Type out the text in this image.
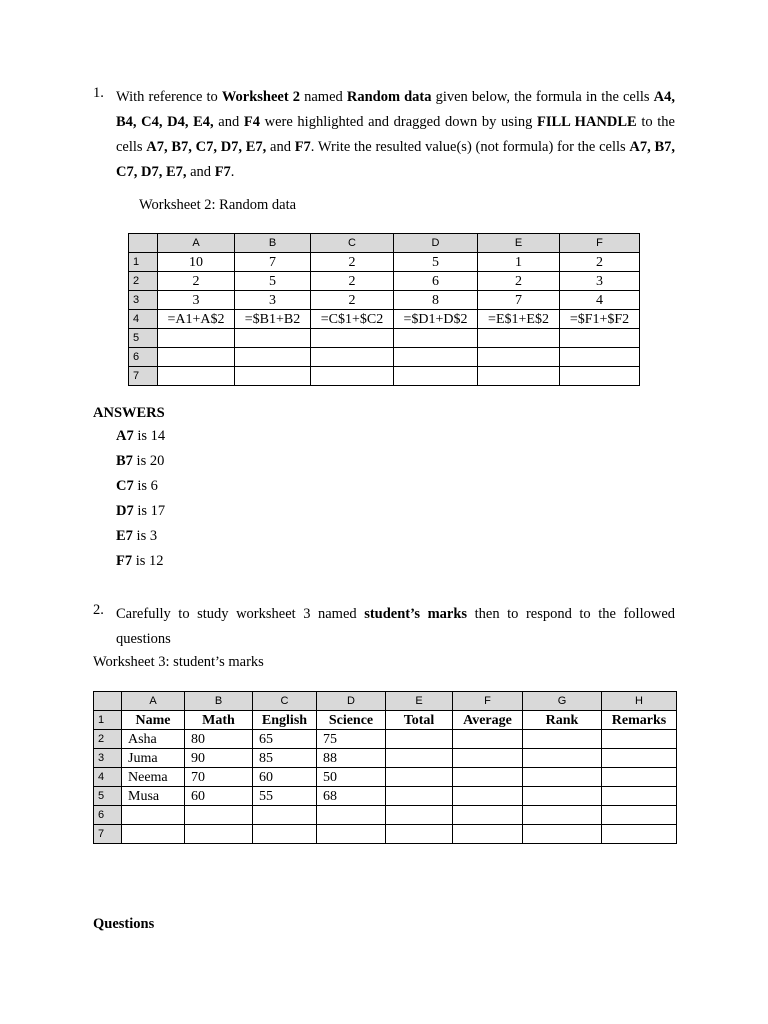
1. With reference to Worksheet 2 named Random data given below, the formula in the cells A4, B4, C4, D4, E4, and F4 were highlighted and dragged down by using FILL HANDLE to the cells A7, B7, C7, D7, E7, and F7. Write the resulted value(s) (not formula) for the cells A7, B7, C7, D7, E7, and F7.
Worksheet 2: Random data
	A	B	C	D	E	F
1	10	7	2	5	1	2
2	2	5	2	6	2	3
3	3	3	2	8	7	4
4	=A1+A$2	=$B1+B2	=C$1+$C2	=$D1+D$2	=E$1+E$2	=$F1+$F2
5						
6						
7						
ANSWERS
A7 is 14
B7 is 20
C7 is 6
D7 is 17
E7 is 3
F7 is 12
2. Carefully to study worksheet 3 named student’s marks then to respond to the followed questions
Worksheet 3: student’s marks
	A	B	C	D	E	F	G	H
1	Name	Math	English	Science	Total	Average	Rank	Remarks
2	Asha	80	65	75				
3	Juma	90	85	88				
4	Neema	70	60	50				
5	Musa	60	55	68				
6								
7								
Questions
